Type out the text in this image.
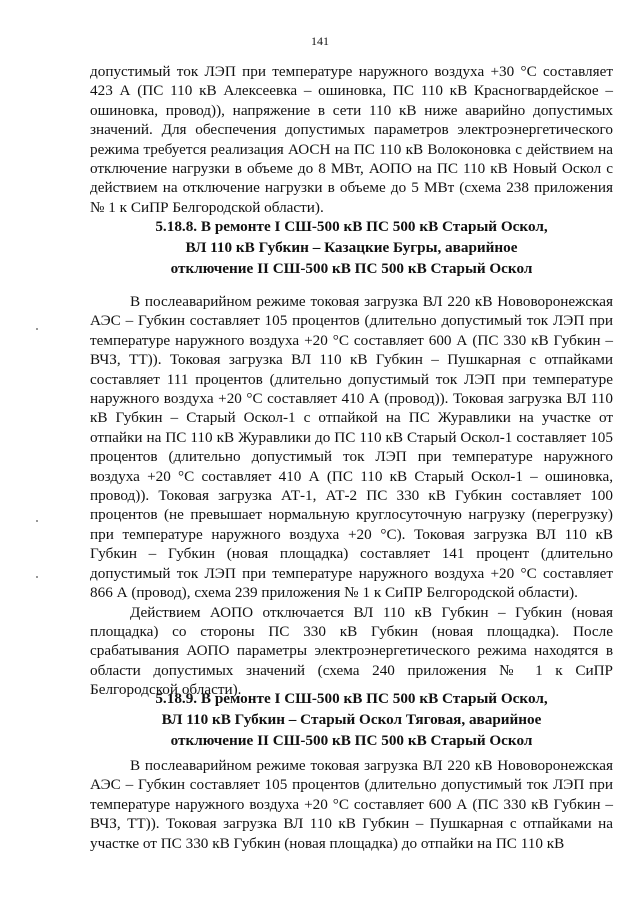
141

допустимый ток ЛЭП при температуре наружного воздуха +30 °С составляет 423 А (ПС 110 кВ Алексеевка – ошиновка, ПС 110 кВ Красногвардейское – ошиновка, провод)), напряжение в сети 110 кВ ниже аварийно допустимых значений. Для обеспечения допустимых параметров электроэнергетического режима требуется реализация АОСН на ПС 110 кВ Волоконовка с действием на отключение нагрузки в объеме до 8 МВт, АОПО на ПС 110 кВ Новый Оскол с действием на отключение нагрузки в объеме до 5 МВт (схема 238 приложения № 1 к СиПР Белгородской области).

5.18.8. В ремонте I СШ-500 кВ ПС 500 кВ Старый Оскол,
ВЛ 110 кВ Губкин – Казацкие Бугры, аварийное
отключение II СШ-500 кВ ПС 500 кВ Старый Оскол

В послеаварийном режиме токовая загрузка ВЛ 220 кВ Нововоронежская АЭС – Губкин составляет 105 процентов (длительно допустимый ток ЛЭП при температуре наружного воздуха +20 °С составляет 600 А (ПС 330 кВ Губкин – ВЧЗ, ТТ)). Токовая загрузка ВЛ 110 кВ Губкин – Пушкарная с отпайками составляет 111 процентов (длительно допустимый ток ЛЭП при температуре наружного воздуха +20 °С составляет 410 А (провод)). Токовая загрузка ВЛ 110 кВ Губкин – Старый Оскол-1 с отпайкой на ПС Журавлики на участке от отпайки на ПС 110 кВ Журавлики до ПС 110 кВ Старый Оскол-1 составляет 105 процентов (длительно допустимый ток ЛЭП при температуре наружного воздуха +20 °С составляет 410 А (ПС 110 кВ Старый Оскол-1 – ошиновка, провод)). Токовая загрузка АТ-1, АТ-2 ПС 330 кВ Губкин составляет 100 процентов (не превышает нормальную круглосуточную нагрузку (перегрузку) при температуре наружного воздуха +20 °С). Токовая загрузка ВЛ 110 кВ Губкин – Губкин (новая площадка) составляет 141 процент (длительно допустимый ток ЛЭП при температуре наружного воздуха +20 °С составляет 866 А (провод), схема 239 приложения № 1 к СиПР Белгородской области).

Действием АОПО отключается ВЛ 110 кВ Губкин – Губкин (новая площадка) со стороны ПС 330 кВ Губкин (новая площадка). После срабатывания АОПО параметры электроэнергетического режима находятся в области допустимых значений (схема 240 приложения № 1 к СиПР Белгородской области).

5.18.9. В ремонте I СШ-500 кВ ПС 500 кВ Старый Оскол,
ВЛ 110 кВ Губкин – Старый Оскол Тяговая, аварийное
отключение II СШ-500 кВ ПС 500 кВ Старый Оскол

В послеаварийном режиме токовая загрузка ВЛ 220 кВ Нововоронежская АЭС – Губкин составляет 105 процентов (длительно допустимый ток ЛЭП при температуре наружного воздуха +20 °С составляет 600 А (ПС 330 кВ Губкин – ВЧЗ, ТТ)). Токовая загрузка ВЛ 110 кВ Губкин – Пушкарная с отпайками на участке от ПС 330 кВ Губкин (новая площадка) до отпайки на ПС 110 кВ
